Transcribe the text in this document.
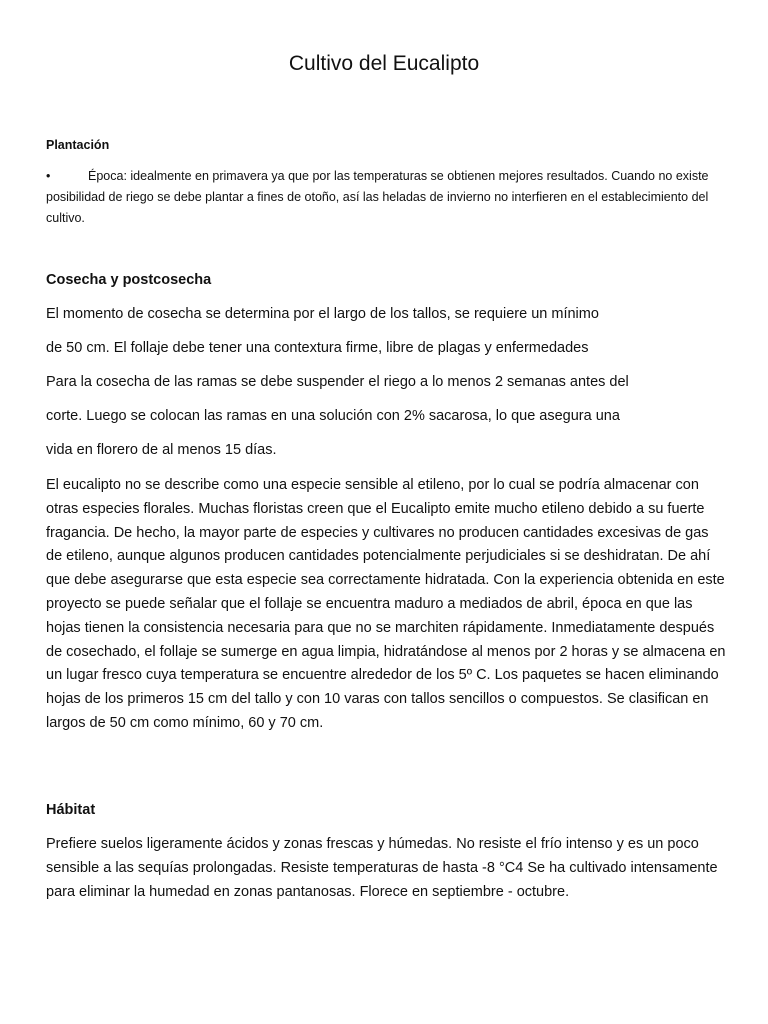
Cultivo del Eucalipto
Plantación
•	Época: idealmente en primavera ya que por las temperaturas se obtienen mejores resultados. Cuando no existe posibilidad de riego se debe plantar a fines de otoño, así las heladas de invierno no interfieren en el establecimiento del cultivo.
Cosecha y postcosecha
El momento de cosecha se determina por el largo de los tallos, se requiere un mínimo
de 50 cm. El follaje debe tener una contextura firme, libre de plagas y enfermedades
Para la cosecha de las ramas se debe suspender el riego a lo menos 2 semanas antes del
corte. Luego se colocan las ramas en una solución con 2% sacarosa, lo que asegura una
vida en florero de al menos 15 días.
El eucalipto no se describe como una especie sensible al etileno, por lo cual se podría almacenar con otras especies florales. Muchas floristas creen que el Eucalipto emite mucho etileno debido a su fuerte fragancia. De hecho, la mayor parte de especies y cultivares no producen cantidades excesivas de gas de etileno, aunque algunos producen cantidades potencialmente perjudiciales si se deshidratan. De ahí que debe asegurarse que esta especie sea correctamente hidratada. Con la experiencia obtenida en este proyecto se puede señalar que el follaje se encuentra maduro a mediados de abril, época en que las hojas tienen la consistencia necesaria para que no se marchiten rápidamente. Inmediatamente después de cosechado, el follaje se sumerge en agua limpia, hidratándose al menos por 2 horas y se almacena en un lugar fresco cuya temperatura se encuentre alrededor de los 5º C. Los paquetes se hacen eliminando hojas de los primeros 15 cm del tallo y con 10 varas con tallos sencillos o compuestos. Se clasifican en largos de 50 cm como mínimo, 60 y 70 cm.
Hábitat
Prefiere suelos ligeramente ácidos y zonas frescas y húmedas. No resiste el frío intenso y es un poco sensible a las sequías prolongadas. Resiste temperaturas de hasta -8 °C4 Se ha cultivado intensamente para eliminar la humedad en zonas pantanosas. Florece en septiembre - octubre.
